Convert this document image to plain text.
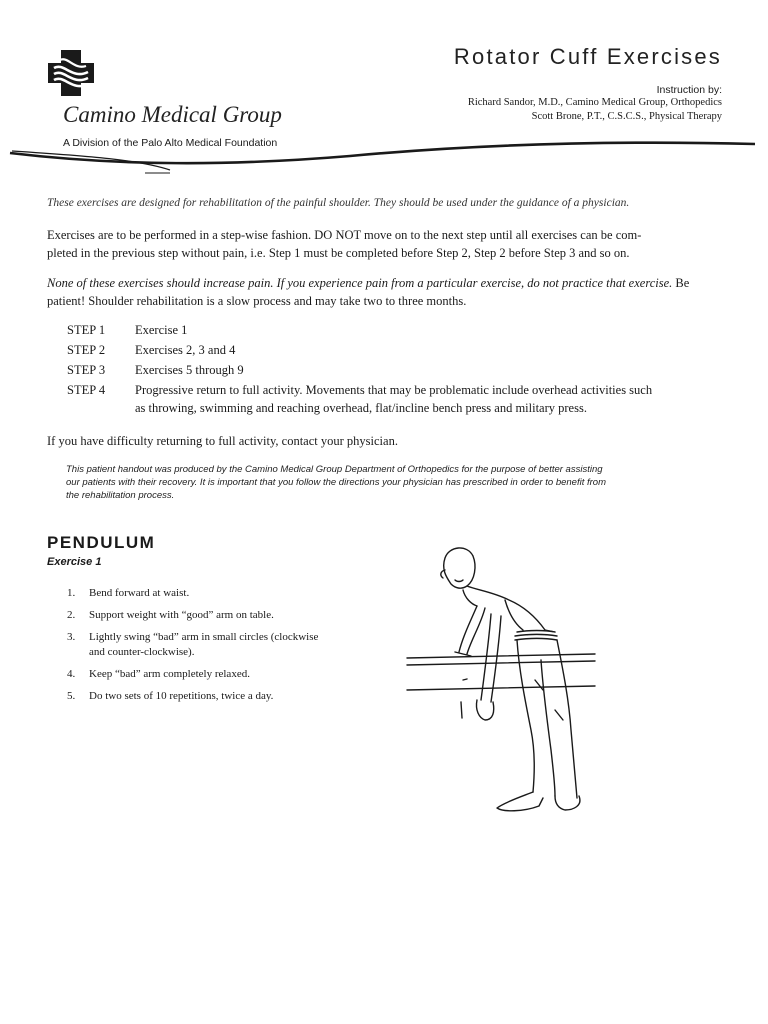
Camino Medical Group
A Division of the Palo Alto Medical Foundation
Rotator Cuff Exercises
Instruction by:
Richard Sandor, M.D., Camino Medical Group, Orthopedics
Scott Brone, P.T., C.S.C.S., Physical Therapy
These exercises are designed for rehabilitation of the painful shoulder. They should be used under the guidance of a physician.
Exercises are to be performed in a step-wise fashion. DO NOT move on to the next step until all exercises can be com-
pleted in the previous step without pain, i.e. Step 1 must be completed before Step 2, Step 2 before Step 3 and so on.
None of these exercises should increase pain. If you experience pain from a particular exercise, do not practice that exercise. Be
patient! Shoulder rehabilitation is a slow process and may take two to three months.
STEP 1	Exercise 1
STEP 2	Exercises 2, 3 and 4
STEP 3	Exercises 5 through 9
STEP 4	Progressive return to full activity. Movements that may be problematic include overhead activities such
as throwing, swimming and reaching overhead, flat/incline bench press and military press.
If you have difficulty returning to full activity, contact your physician.
This patient handout was produced by the Camino Medical Group Department of Orthopedics for the purpose of better assisting
our patients with their recovery. It is important that you follow the directions your physician has prescribed in order to benefit from
the rehabilitation process.
PENDULUM
Exercise 1
1.	Bend forward at waist.
2.	Support weight with “good” arm on table.
3.	Lightly swing “bad” arm in small circles (clockwise
and counter-clockwise).
4.	Keep “bad” arm completely relaxed.
5.	Do two sets of 10 repetitions, twice a day.
